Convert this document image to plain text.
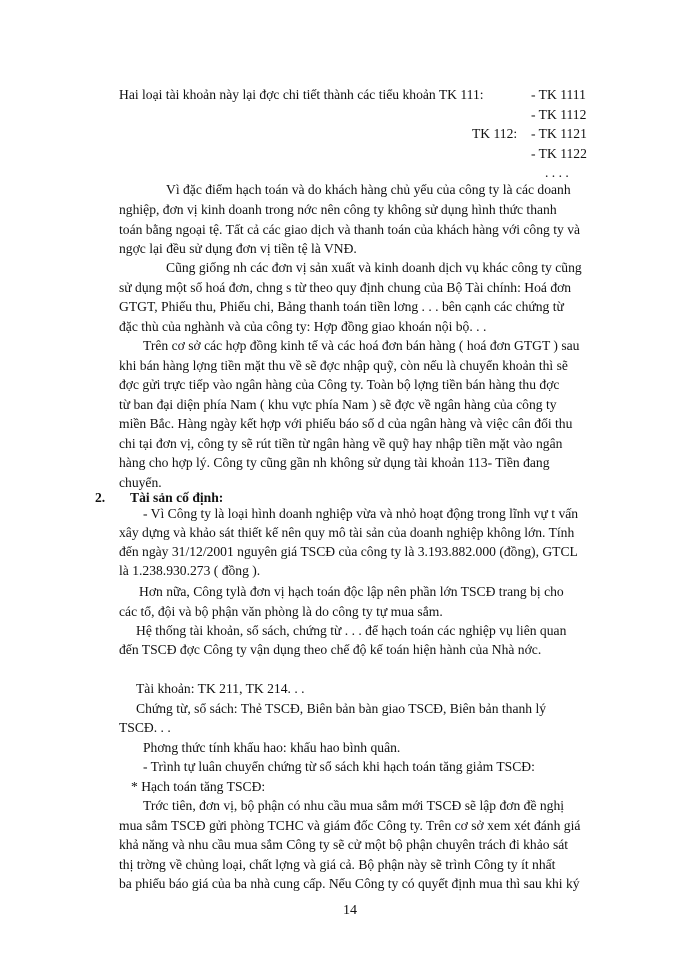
Hai loại tài khoản này lại đợc chi tiết thành các tiểu khoản TK 111:	- TK 1111
- TK 1112
TK 112: - TK 1121
- TK 1122
. . . .
Vì đặc điểm hạch toán và do khách hàng chủ yếu của công ty là các doanh
nghiệp, đơn vị kinh doanh trong nớc nên công ty không sử dụng hình thức thanh
toán bằng ngoại tệ. Tất cả các giao dịch và thanh toán của khách hàng với công ty và
ngợc lại đều sử dụng đơn vị tiền tệ là VNĐ.
Cũng giống nh các đơn vị sản xuất và kinh doanh dịch vụ khác công ty cũng
sử dụng một số hoá đơn, chng s từ theo quy định chung của Bộ Tài chính: Hoá đơn
GTGT, Phiếu thu, Phiếu chi, Bảng thanh toán tiền lơng . . . bên cạnh các chứng từ
đặc thù của nghành và của công ty: Hợp đồng giao khoán nội bộ. . .
Trên cơ sở các hợp đồng kinh tế và các hoá đơn bán hàng ( hoá đơn GTGT ) sau
khi bán hàng lợng tiền mặt thu về sẽ đợc nhập quỹ, còn nếu là chuyển khoản thì sẽ
đợc gửi trực tiếp vào ngân hàng của Công ty. Toàn bộ lợng tiền bán hàng thu đợc
từ ban đại diện phía Nam ( khu vực phía Nam ) sẽ đợc về ngân hàng của công ty
miền Bắc. Hàng ngày kết hợp với phiếu báo số d của ngân hàng và việc cân đối thu
chi tại đơn vị, công ty sẽ rút tiền từ ngân hàng về quỹ hay nhập tiền mặt vào ngân
hàng cho hợp lý. Công ty cũng gần nh không sử dụng tài khoản 113- Tiền đang
chuyển.
2. Tài sản cố định:
- Vì Công ty là loại hình doanh nghiệp vừa và nhỏ hoạt động trong lĩnh vự t vấn
xây dựng và khảo sát thiết kế nên quy mô tài sản của doanh nghiệp không lớn. Tính
đến ngày 31/12/2001 nguyên giá TSCĐ của công ty là 3.193.882.000 (đồng), GTCL
là 1.238.930.273 ( đồng ).
Hơn nữa, Công tylà đơn vị hạch toán độc lập nên phần lớn TSCĐ trang bị cho
các tổ, đội và bộ phận văn phòng là do công ty tự mua sắm.
Hệ thống tài khoản, sổ sách, chứng từ . . . để hạch toán các nghiệp vụ liên quan
đến TSCĐ đợc Công ty vận dụng theo chế độ kế toán hiện hành của Nhà nớc.
Tài khoản: TK 211, TK 214. . .
Chứng từ, sổ sách: Thẻ TSCĐ, Biên bản bàn giao TSCĐ, Biên bản thanh lý
TSCĐ. . .
Phơng thức tính khấu hao: khấu hao bình quân.
- Trình tự luân chuyển chứng từ sổ sách khi hạch toán tăng giảm TSCĐ:
* Hạch toán tăng TSCĐ:
Trớc tiên, đơn vị, bộ phận có nhu cầu mua sắm mới TSCĐ sẽ lập đơn đề nghị
mua sắm TSCĐ gửi phòng TCHC và giám đốc Công ty. Trên cơ sở xem xét đánh giá
khả năng và nhu cầu mua sắm Công ty sẽ cử một bộ phận chuyên trách đi khảo sát
thị trờng về chủng loại, chất lợng và giá cả. Bộ phận này sẽ trình Công ty ít nhất
ba phiếu báo giá của ba nhà cung cấp. Nếu Công ty có quyết định mua thì sau khi ký
14
